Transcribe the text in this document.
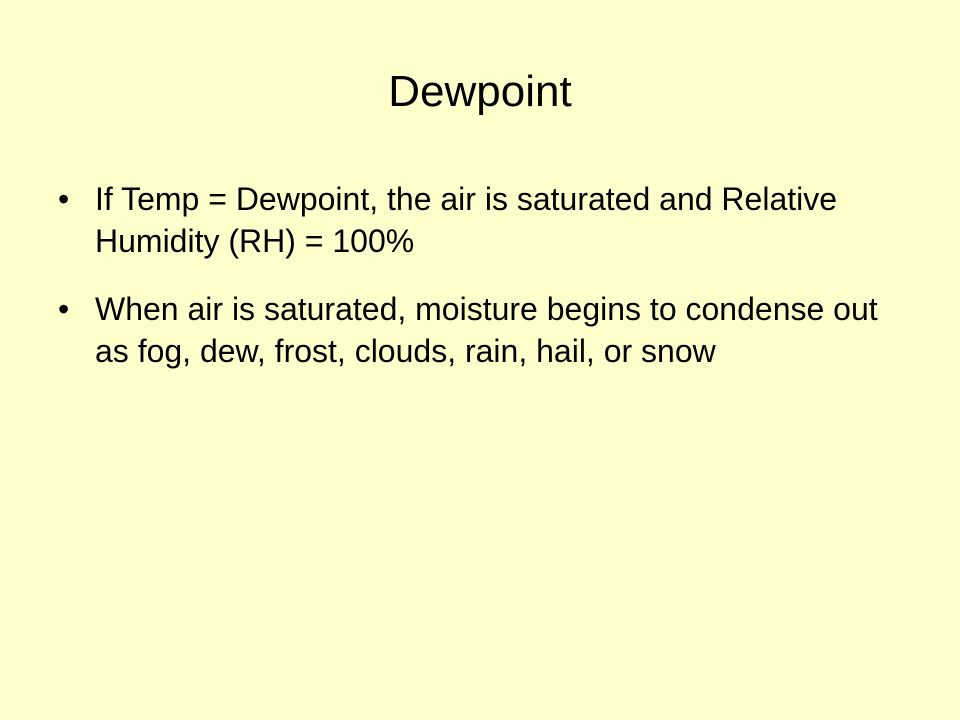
Dewpoint
• If Temp = Dewpoint, the air is saturated and Relative Humidity (RH) = 100%
• When air is saturated, moisture begins to condense out as fog, dew, frost, clouds, rain, hail, or snow
